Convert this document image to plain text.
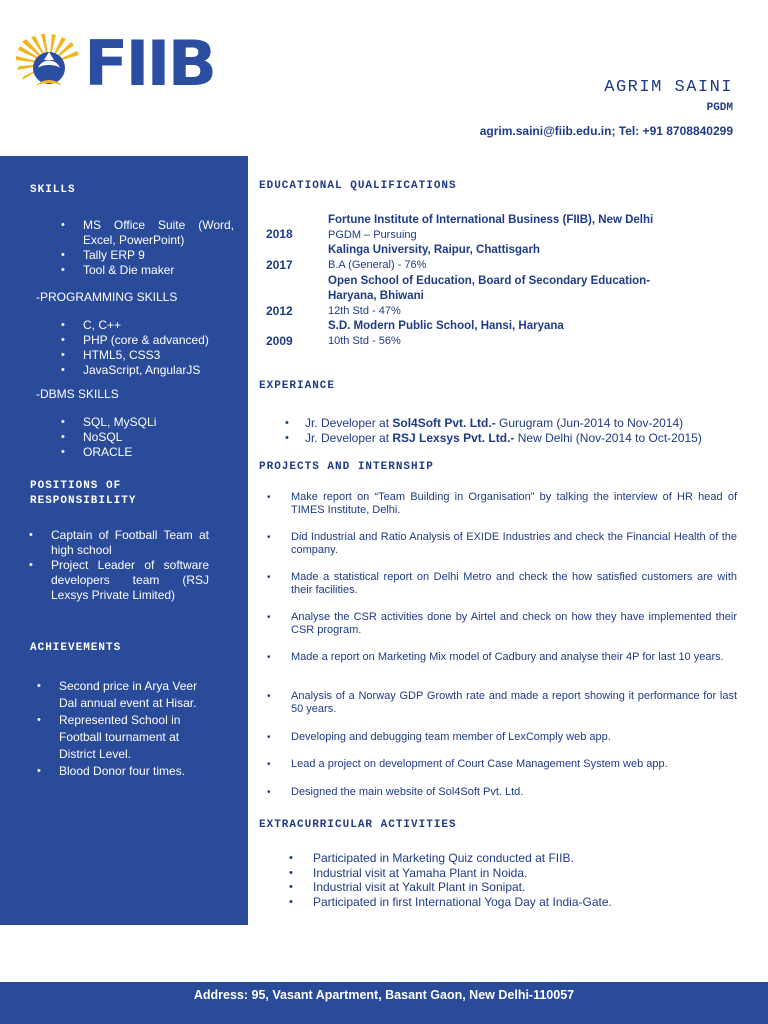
FIIB	AGRIM SAINI
PGDM
agrim.saini@fiib.edu.in; Tel: +91 8708840299
SKILLS
• MS Office Suite (Word, Excel, PowerPoint)
• Tally ERP 9
• Tool & Die maker
-PROGRAMMING SKILLS
• C, C++
• PHP (core & advanced)
• HTML5, CSS3
• JavaScript, AngularJS
-DBMS SKILLS
• SQL, MySQLi
• NoSQL
• ORACLE
POSITIONS OF
RESPONSIBILITY
• Captain of Football Team at high school
• Project Leader of software developers team (RSJ Lexsys Private Limited)
ACHIEVEMENTS
• Second price in Arya Veer Dal annual event at Hisar.
• Represented School in Football tournament at District Level.
• Blood Donor four times.
EDUCATIONAL QUALIFICATIONS
Fortune Institute of International Business (FIIB), New Delhi
PGDM – Pursuing
2018
Kalinga University, Raipur, Chattisgarh
B.A (General) - 76%
2017
Open School of Education, Board of Secondary Education-Haryana, Bhiwani
12th Std - 47%
2012
S.D. Modern Public School, Hansi, Haryana
10th Std - 56%
2009
EXPERIANCE
• Jr. Developer at Sol4Soft Pvt. Ltd.- Gurugram (Jun-2014 to Nov-2014)
• Jr. Developer at RSJ Lexsys Pvt. Ltd.- New Delhi (Nov-2014 to Oct-2015)
PROJECTS AND INTERNSHIP
• Make report on “Team Building in Organisation” by talking the interview of HR head of TIMES Institute, Delhi.
• Did Industrial and Ratio Analysis of EXIDE Industries and check the Financial Health of the company.
• Made a statistical report on Delhi Metro and check the how satisfied customers are with their facilities.
• Analyse the CSR activities done by Airtel and check on how they have implemented their CSR program.
• Made a report on Marketing Mix model of Cadbury and analyse their 4P for last 10 years.
• Analysis of a Norway GDP Growth rate and made a report showing it performance for last 50 years.
• Developing and debugging team member of LexComply web app.
• Lead a project on development of Court Case Management System web app.
• Designed the main website of Sol4Soft Pvt. Ltd.
EXTRACURRICULAR ACTIVITIES
• Participated in Marketing Quiz conducted at FIIB.
• Industrial visit at Yamaha Plant in Noida.
• Industrial visit at Yakult Plant in Sonipat.
• Participated in first International Yoga Day at India-Gate.
Address: 95, Vasant Apartment, Basant Gaon, New Delhi-110057
